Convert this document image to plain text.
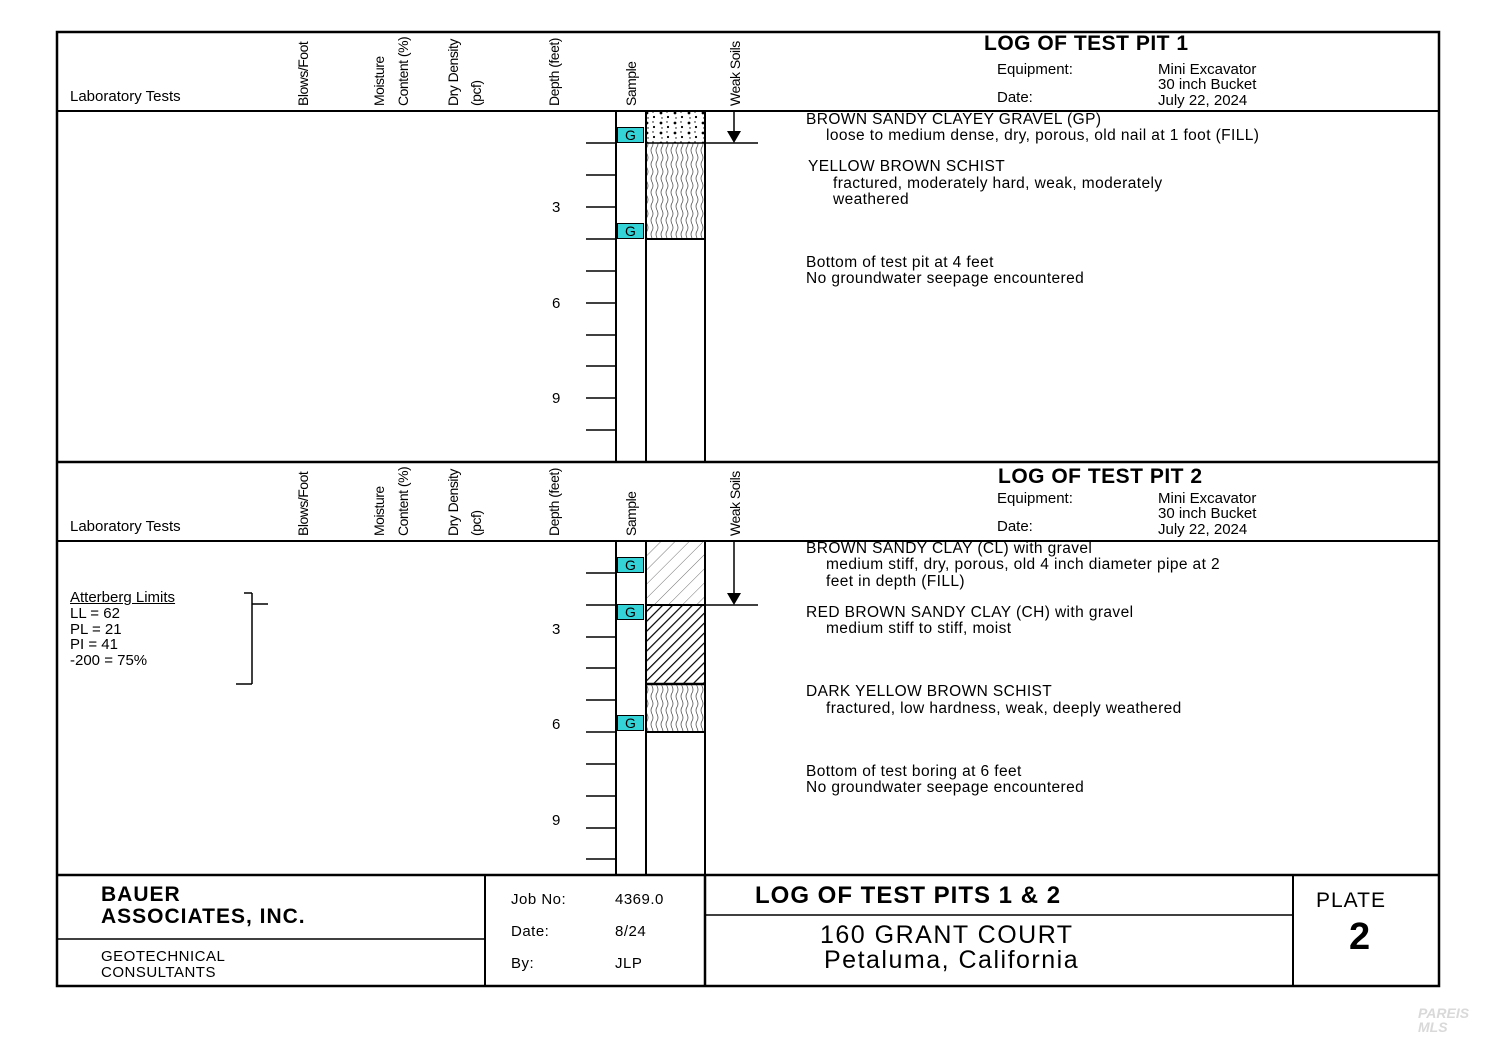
Laboratory Tests	Blows/Foot	Moisture Content (%) Dry Density (pcf)	Depth (feet)	Sample	Weak Soils	LOG OF TEST PIT 1
Equipment:	Mini Excavator
30 inch Bucket
Date:	July 22, 2024
3
6
9
G
G
BROWN SANDY CLAYEY GRAVEL (GP)
loose to medium dense, dry, porous, old nail at 1 foot (FILL)
YELLOW BROWN SCHIST
fractured, moderately hard, weak, moderately
weathered
Bottom of test pit at 4 feet
No groundwater seepage encountered
Laboratory Tests	Blows/Foot	Moisture Content (%) Dry Density (pcf)	Depth (feet)	Sample	Weak Soils	LOG OF TEST PIT 2
Equipment:	Mini Excavator
30 inch Bucket
Date:	July 22, 2024
3
6
9
G
G
G
Atterberg Limits
LL = 62
PL = 21
PI = 41
-200 = 75%
BROWN SANDY CLAY (CL) with gravel
medium stiff, dry, porous, old 4 inch diameter pipe at 2
feet in depth (FILL)
RED BROWN SANDY CLAY (CH) with gravel
medium stiff to stiff, moist
DARK YELLOW BROWN SCHIST
fractured, low hardness, weak, deeply weathered
Bottom of test boring at 6 feet
No groundwater seepage encountered
BAUER
ASSOCIATES, INC.
GEOTECHNICAL
CONSULTANTS
Job No:	4369.0
Date:	8/24
By:	JLP
LOG OF TEST PITS 1 & 2
160 GRANT COURT
Petaluma, California
PLATE
2
PAREIS MLS
